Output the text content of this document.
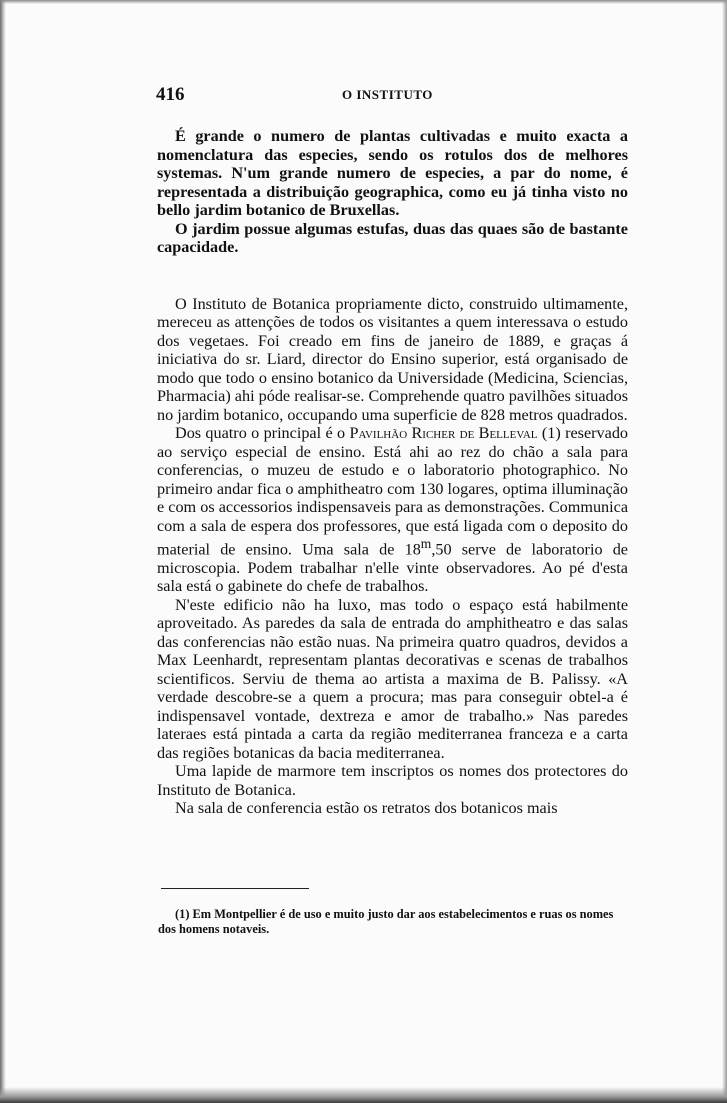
416	O INSTITUTO

É grande o numero de plantas cultivadas e muito exacta a nomenclatura das especies, sendo os rotulos dos de melhores systemas. N'um grande numero de especies, a par do nome, é representada a distribuição geographica, como eu já tinha visto no bello jardim botanico de Bruxellas.

O jardim possue algumas estufas, duas das quaes são de bastante capacidade.

O Instituto de Botanica propriamente dicto, construido ultimamente, mereceu as attenções de todos os visitantes a quem interessava o estudo dos vegetaes. Foi creado em fins de janeiro de 1889, e graças á iniciativa do sr. Liard, director do Ensino superior, está organisado de modo que todo o ensino botanico da Universidade (Medicina, Sciencias, Pharmacia) ahi póde realisar-se. Comprehende quatro pavilhões situados no jardim botanico, occupando uma superficie de 828 metros quadrados.

Dos quatro o principal é o Pavilhão Richer de Belleval (1) reservado ao serviço especial de ensino. Está ahi ao rez do chão a sala para conferencias, o muzeu de estudo e o laboratorio photographico. No primeiro andar fica o amphitheatro com 130 logares, optima illuminação e com os accessorios indispensaveis para as demonstrações. Communica com a sala de espera dos professores, que está ligada com o deposito do material de ensino. Uma sala de 18$^m$,50 serve de laboratorio de microscopia. Podem trabalhar n'elle vinte observadores. Ao pé d'esta sala está o gabinete do chefe de trabalhos.

N'este edificio não ha luxo, mas todo o espaço está habilmente aproveitado. As paredes da sala de entrada do amphitheatro e das salas das conferencias não estão nuas. Na primeira quatro quadros, devidos a Max Leenhardt, representam plantas decorativas e scenas de trabalhos scientificos. Serviu de thema ao artista a maxima de B. Palissy. «A verdade descobre-se a quem a procura; mas para conseguir obtel-a é indispensavel vontade, dextreza e amor de trabalho.» Nas paredes lateraes está pintada a carta da região mediterranea franceza e a carta das regiões botanicas da bacia mediterranea.

Uma lapide de marmore tem inscriptos os nomes dos protectores do Instituto de Botanica.

Na sala de conferencia estão os retratos dos botanicos mais

(1) Em Montpellier é de uso e muito justo dar aos estabelecimentos e ruas os nomes dos homens notaveis.
